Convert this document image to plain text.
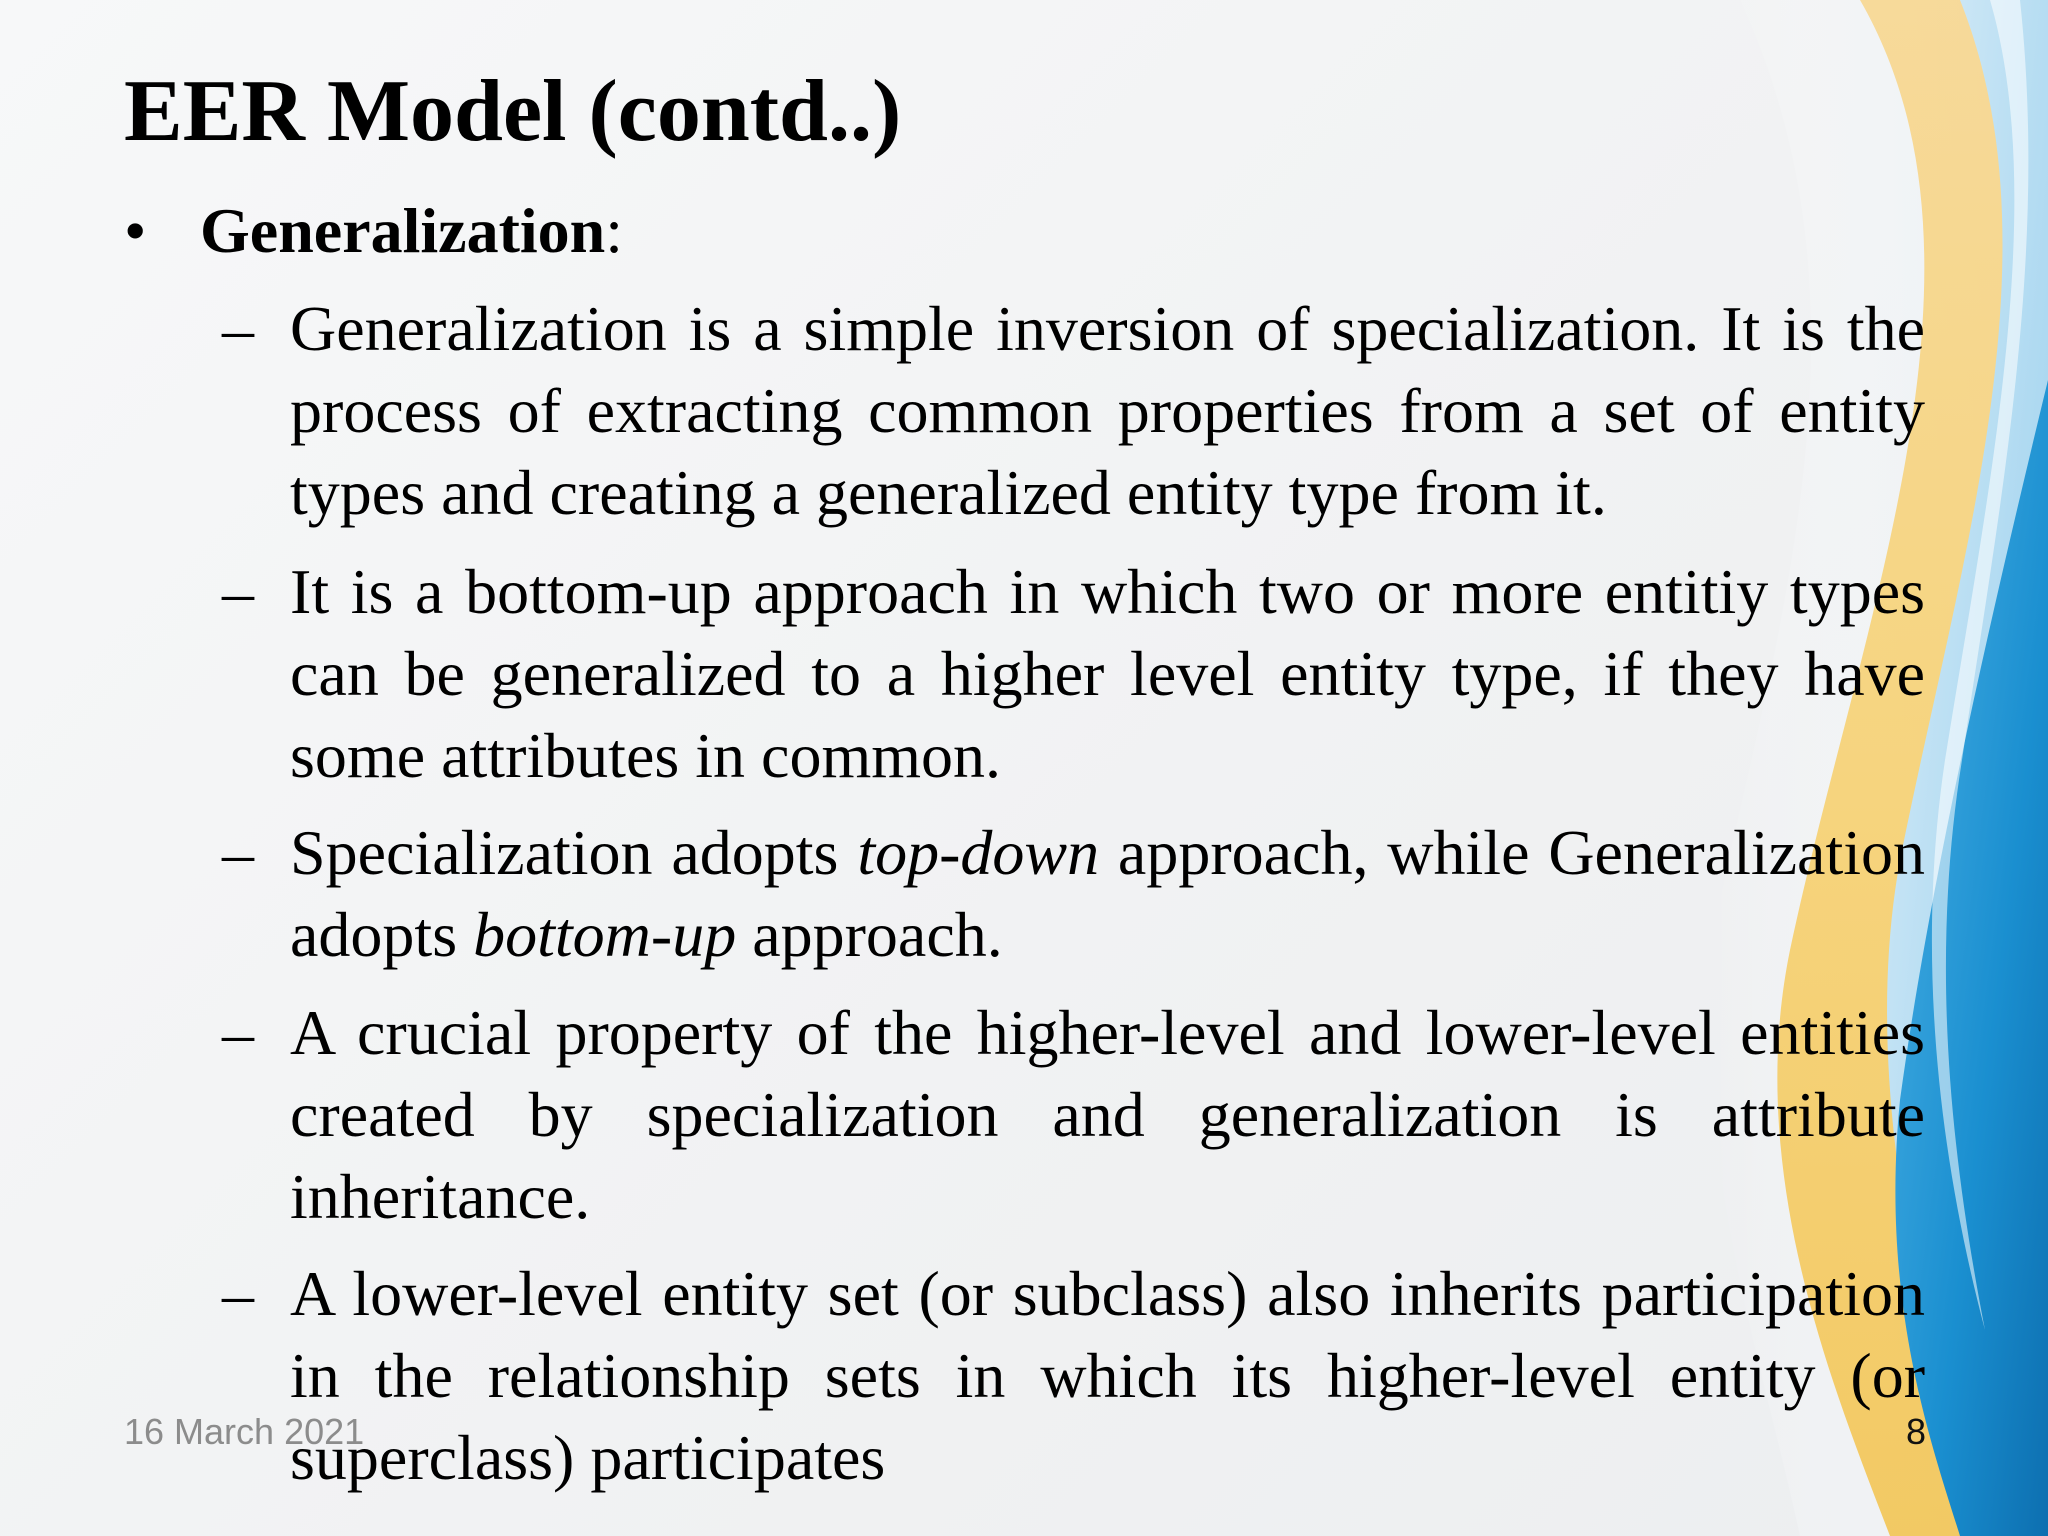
EER Model (contd..)
• Generalization:
– Generalization is a simple inversion of specialization. It is the process of extracting common properties from a set of entity types and creating a generalized entity type from it.
– It is a bottom-up approach in which two or more entitiy types can be generalized to a higher level entity type, if they have some attributes in common.
– Specialization adopts top-down approach, while Generalization adopts bottom-up approach.
– A crucial property of the higher-level and lower-level entities created by specialization and generalization is attribute inheritance.
– A lower-level entity set (or subclass) also inherits participation in the relationship sets in which its higher-level entity (or superclass) participates
16 March 2021	8
